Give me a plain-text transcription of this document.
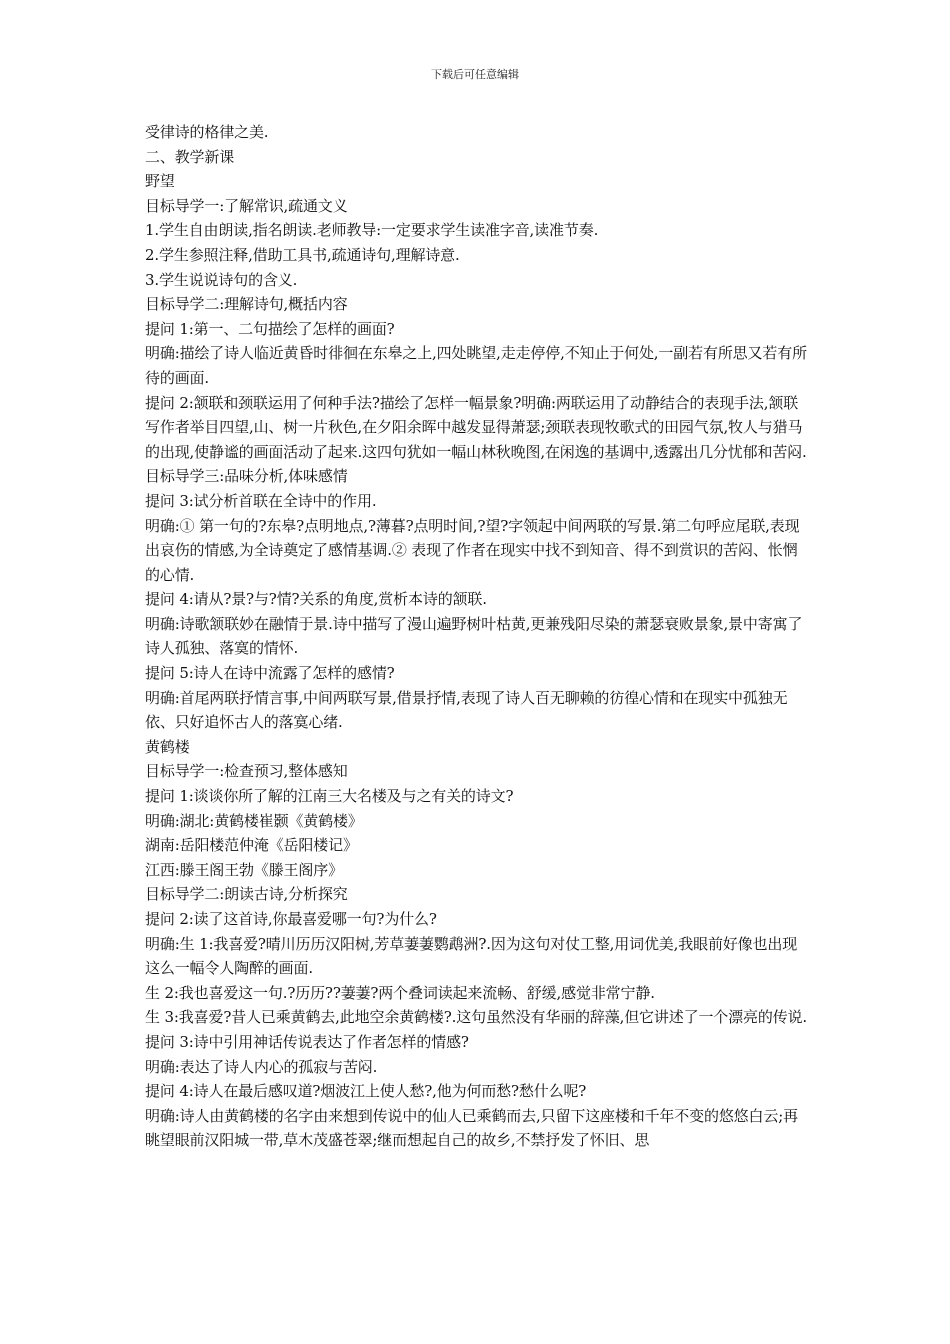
下载后可任意编辑

受律诗的格律之美.

二、教学新课

野望

目标导学一:了解常识,疏通文义

1.学生自由朗读,指名朗读.老师教导:一定要求学生读准字音,读准节奏.

2.学生参照注释,借助工具书,疏通诗句,理解诗意.

3.学生说说诗句的含义.

目标导学二:理解诗句,概括内容

提问 1:第一、二句描绘了怎样的画面?

明确:描绘了诗人临近黄昏时徘徊在东皋之上,四处眺望,走走停停,不知止于何处,一副若有所思又若有所待的画面.

提问 2:颔联和颈联运用了何种手法?描绘了怎样一幅景象?明确:两联运用了动静结合的表现手法,颔联写作者举目四望,山、树一片秋色,在夕阳余晖中越发显得萧瑟;颈联表现牧歌式的田园气氛,牧人与猎马的出现,使静谧的画面活动了起来.这四句犹如一幅山林秋晚图,在闲逸的基调中,透露出几分忧郁和苦闷.

目标导学三:品味分析,体味感情

提问 3:试分析首联在全诗中的作用.

明确:① 第一句的?东皋?点明地点,?薄暮?点明时间,?望?字领起中间两联的写景.第二句呼应尾联,表现出哀伤的情感,为全诗奠定了感情基调.② 表现了作者在现实中找不到知音、得不到赏识的苦闷、怅惘的心情.

提问 4:请从?景?与?情?关系的角度,赏析本诗的颔联.

明确:诗歌颔联妙在融情于景.诗中描写了漫山遍野树叶枯黄,更兼残阳尽染的萧瑟衰败景象,景中寄寓了诗人孤独、落寞的情怀.

提问 5:诗人在诗中流露了怎样的感情?

明确:首尾两联抒情言事,中间两联写景,借景抒情,表现了诗人百无聊赖的彷徨心情和在现实中孤独无依、只好追怀古人的落寞心绪.

黄鹤楼

目标导学一:检查预习,整体感知

提问 1:谈谈你所了解的江南三大名楼及与之有关的诗文?

明确:湖北:黄鹤楼崔颢《黄鹤楼》

湖南:岳阳楼范仲淹《岳阳楼记》

江西:滕王阁王勃《滕王阁序》

目标导学二:朗读古诗,分析探究

提问 2:读了这首诗,你最喜爱哪一句?为什么?

明确:生 1:我喜爱?晴川历历汉阳树,芳草萋萋鹦鹉洲?.因为这句对仗工整,用词优美,我眼前好像也出现这么一幅令人陶醉的画面.

生 2:我也喜爱这一句.?历历??萋萋?两个叠词读起来流畅、舒缓,感觉非常宁静.

生 3:我喜爱?昔人已乘黄鹤去,此地空余黄鹤楼?.这句虽然没有华丽的辞藻,但它讲述了一个漂亮的传说.

提问 3:诗中引用神话传说表达了作者怎样的情感?

明确:表达了诗人内心的孤寂与苦闷.

提问 4:诗人在最后感叹道?烟波江上使人愁?,他为何而愁?愁什么呢?

明确:诗人由黄鹤楼的名字由来想到传说中的仙人已乘鹤而去,只留下这座楼和千年不变的悠悠白云;再眺望眼前汉阳城一带,草木茂盛苍翠;继而想起自己的故乡,不禁抒发了怀旧、思
